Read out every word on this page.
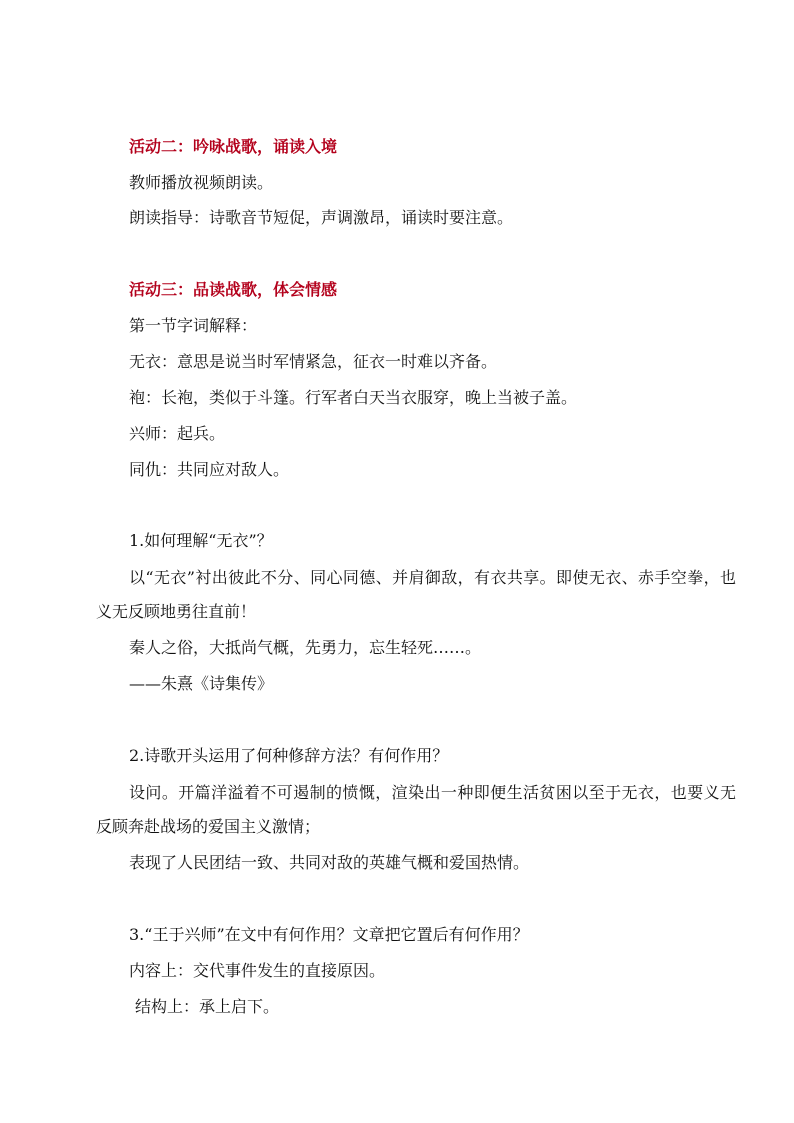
活动二：吟咏战歌，诵读入境
教师播放视频朗读。
朗读指导：诗歌音节短促，声调激昂，诵读时要注意。
活动三：品读战歌，体会情感
第一节字词解释：
无衣：意思是说当时军情紧急，征衣一时难以齐备。
袍：长袍，类似于斗篷。行军者白天当衣服穿，晚上当被子盖。
兴师：起兵。
同仇：共同应对敌人。
1.如何理解“无衣”？
以“无衣”衬出彼此不分、同心同德、并肩御敌，有衣共享。即使无衣、赤手空拳，也义无反顾地勇往直前！
秦人之俗，大抵尚气概，先勇力，忘生轻死……。
——朱熹《诗集传》
2.诗歌开头运用了何种修辞方法？有何作用？
设问。开篇洋溢着不可遏制的愤慨，渲染出一种即便生活贫困以至于无衣，也要义无反顾奔赴战场的爱国主义激情；
表现了人民团结一致、共同对敌的英雄气概和爱国热情。
3.“王于兴师”在文中有何作用？文章把它置后有何作用？
内容上：交代事件发生的直接原因。
结构上：承上启下。
